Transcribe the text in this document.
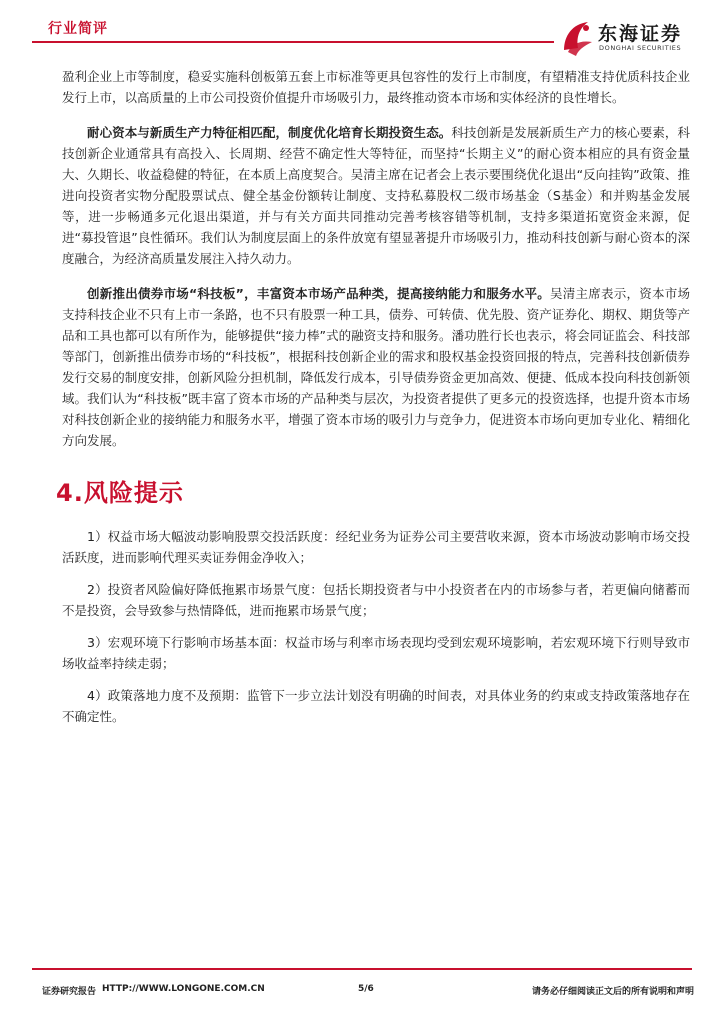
行业简评	东海证券
DONGHAI SECURITIES

盈利企业上市等制度，稳妥实施科创板第五套上市标准等更具包容性的发行上市制度，有望精准支持优质科技企业发行上市，以高质量的上市公司投资价值提升市场吸引力，最终推动资本市场和实体经济的良性增长。

耐心资本与新质生产力特征相匹配，制度优化培育长期投资生态。科技创新是发展新质生产力的核心要素，科技创新企业通常具有高投入、长周期、经营不确定性大等特征，而坚持“长期主义”的耐心资本相应的具有资金量大、久期长、收益稳健的特征，在本质上高度契合。吴清主席在记者会上表示要围绕优化退出“反向挂钩”政策、推进向投资者实物分配股票试点、健全基金份额转让制度、支持私募股权二级市场基金（S基金）和并购基金发展等，进一步畅通多元化退出渠道，并与有关方面共同推动完善考核容错等机制，支持多渠道拓宽资金来源，促进“募投管退”良性循环。我们认为制度层面上的条件放宽有望显著提升市场吸引力，推动科技创新与耐心资本的深度融合，为经济高质量发展注入持久动力。

创新推出债券市场“科技板”，丰富资本市场产品种类，提高接纳能力和服务水平。吴清主席表示，资本市场支持科技企业不只有上市一条路，也不只有股票一种工具，债券、可转债、优先股、资产证券化、期权、期货等产品和工具也都可以有所作为，能够提供“接力棒”式的融资支持和服务。潘功胜行长也表示，将会同证监会、科技部等部门，创新推出债券市场的“科技板”，根据科技创新企业的需求和股权基金投资回报的特点，完善科技创新债券发行交易的制度安排，创新风险分担机制，降低发行成本，引导债券资金更加高效、便捷、低成本投向科技创新领域。我们认为“科技板”既丰富了资本市场的产品种类与层次，为投资者提供了更多元的投资选择，也提升资本市场对科技创新企业的接纳能力和服务水平，增强了资本市场的吸引力与竞争力，促进资本市场向更加专业化、精细化方向发展。

4.风险提示

1）权益市场大幅波动影响股票交投活跃度：经纪业务为证券公司主要营收来源，资本市场波动影响市场交投活跃度，进而影响代理买卖证券佣金净收入；

2）投资者风险偏好降低拖累市场景气度：包括长期投资者与中小投资者在内的市场参与者，若更偏向储蓄而不是投资，会导致参与热情降低，进而拖累市场景气度；

3）宏观环境下行影响市场基本面：权益市场与利率市场表现均受到宏观环境影响，若宏观环境下行则导致市场收益率持续走弱；

4）政策落地力度不及预期：监管下一步立法计划没有明确的时间表，对具体业务的约束或支持政策落地存在不确定性。

证券研究报告 HTTP://WWW.LONGONE.COM.CN	5/6	请务必仔细阅读正文后的所有说明和声明
